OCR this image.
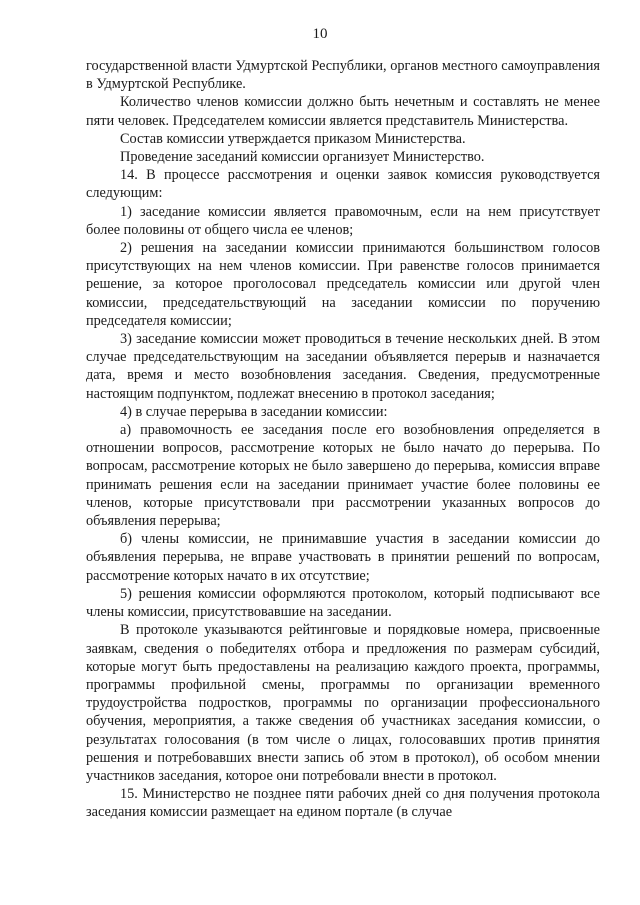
10

государственной власти Удмуртской Республики, органов местного самоуправления в Удмуртской Республике.

Количество членов комиссии должно быть нечетным и составлять не менее пяти человек. Председателем комиссии является представитель Министерства.

Состав комиссии утверждается приказом Министерства.

Проведение заседаний комиссии организует Министерство.

14. В процессе рассмотрения и оценки заявок комиссия руководствуется следующим:

1) заседание комиссии является правомочным, если на нем присутствует более половины от общего числа ее членов;

2) решения на заседании комиссии принимаются большинством голосов присутствующих на нем членов комиссии. При равенстве голосов принимается решение, за которое проголосовал председатель комиссии или другой член комиссии, председательствующий на заседании комиссии по поручению председателя комиссии;

3) заседание комиссии может проводиться в течение нескольких дней. В этом случае председательствующим на заседании объявляется перерыв и назначается дата, время и место возобновления заседания. Сведения, предусмотренные настоящим подпунктом, подлежат внесению в протокол заседания;

4) в случае перерыва в заседании комиссии:

а) правомочность ее заседания после его возобновления определяется в отношении вопросов, рассмотрение которых не было начато до перерыва. По вопросам, рассмотрение которых не было завершено до перерыва, комиссия вправе принимать решения если на заседании принимает участие более половины ее членов, которые присутствовали при рассмотрении указанных вопросов до объявления перерыва;

б) члены комиссии, не принимавшие участия в заседании комиссии до объявления перерыва, не вправе участвовать в принятии решений по вопросам, рассмотрение которых начато в их отсутствие;

5) решения комиссии оформляются протоколом, который подписывают все члены комиссии, присутствовавшие на заседании.

В протоколе указываются рейтинговые и порядковые номера, присвоенные заявкам, сведения о победителях отбора и предложения по размерам субсидий, которые могут быть предоставлены на реализацию каждого проекта, программы, программы профильной смены, программы по организации временного трудоустройства подростков, программы по организации профессионального обучения, мероприятия, а также сведения об участниках заседания комиссии, о результатах голосования (в том числе о лицах, голосовавших против принятия решения и потребовавших внести запись об этом в протокол), об особом мнении участников заседания, которое они потребовали внести в протокол.

15. Министерство не позднее пяти рабочих дней со дня получения протокола заседания комиссии размещает на едином портале (в случае
